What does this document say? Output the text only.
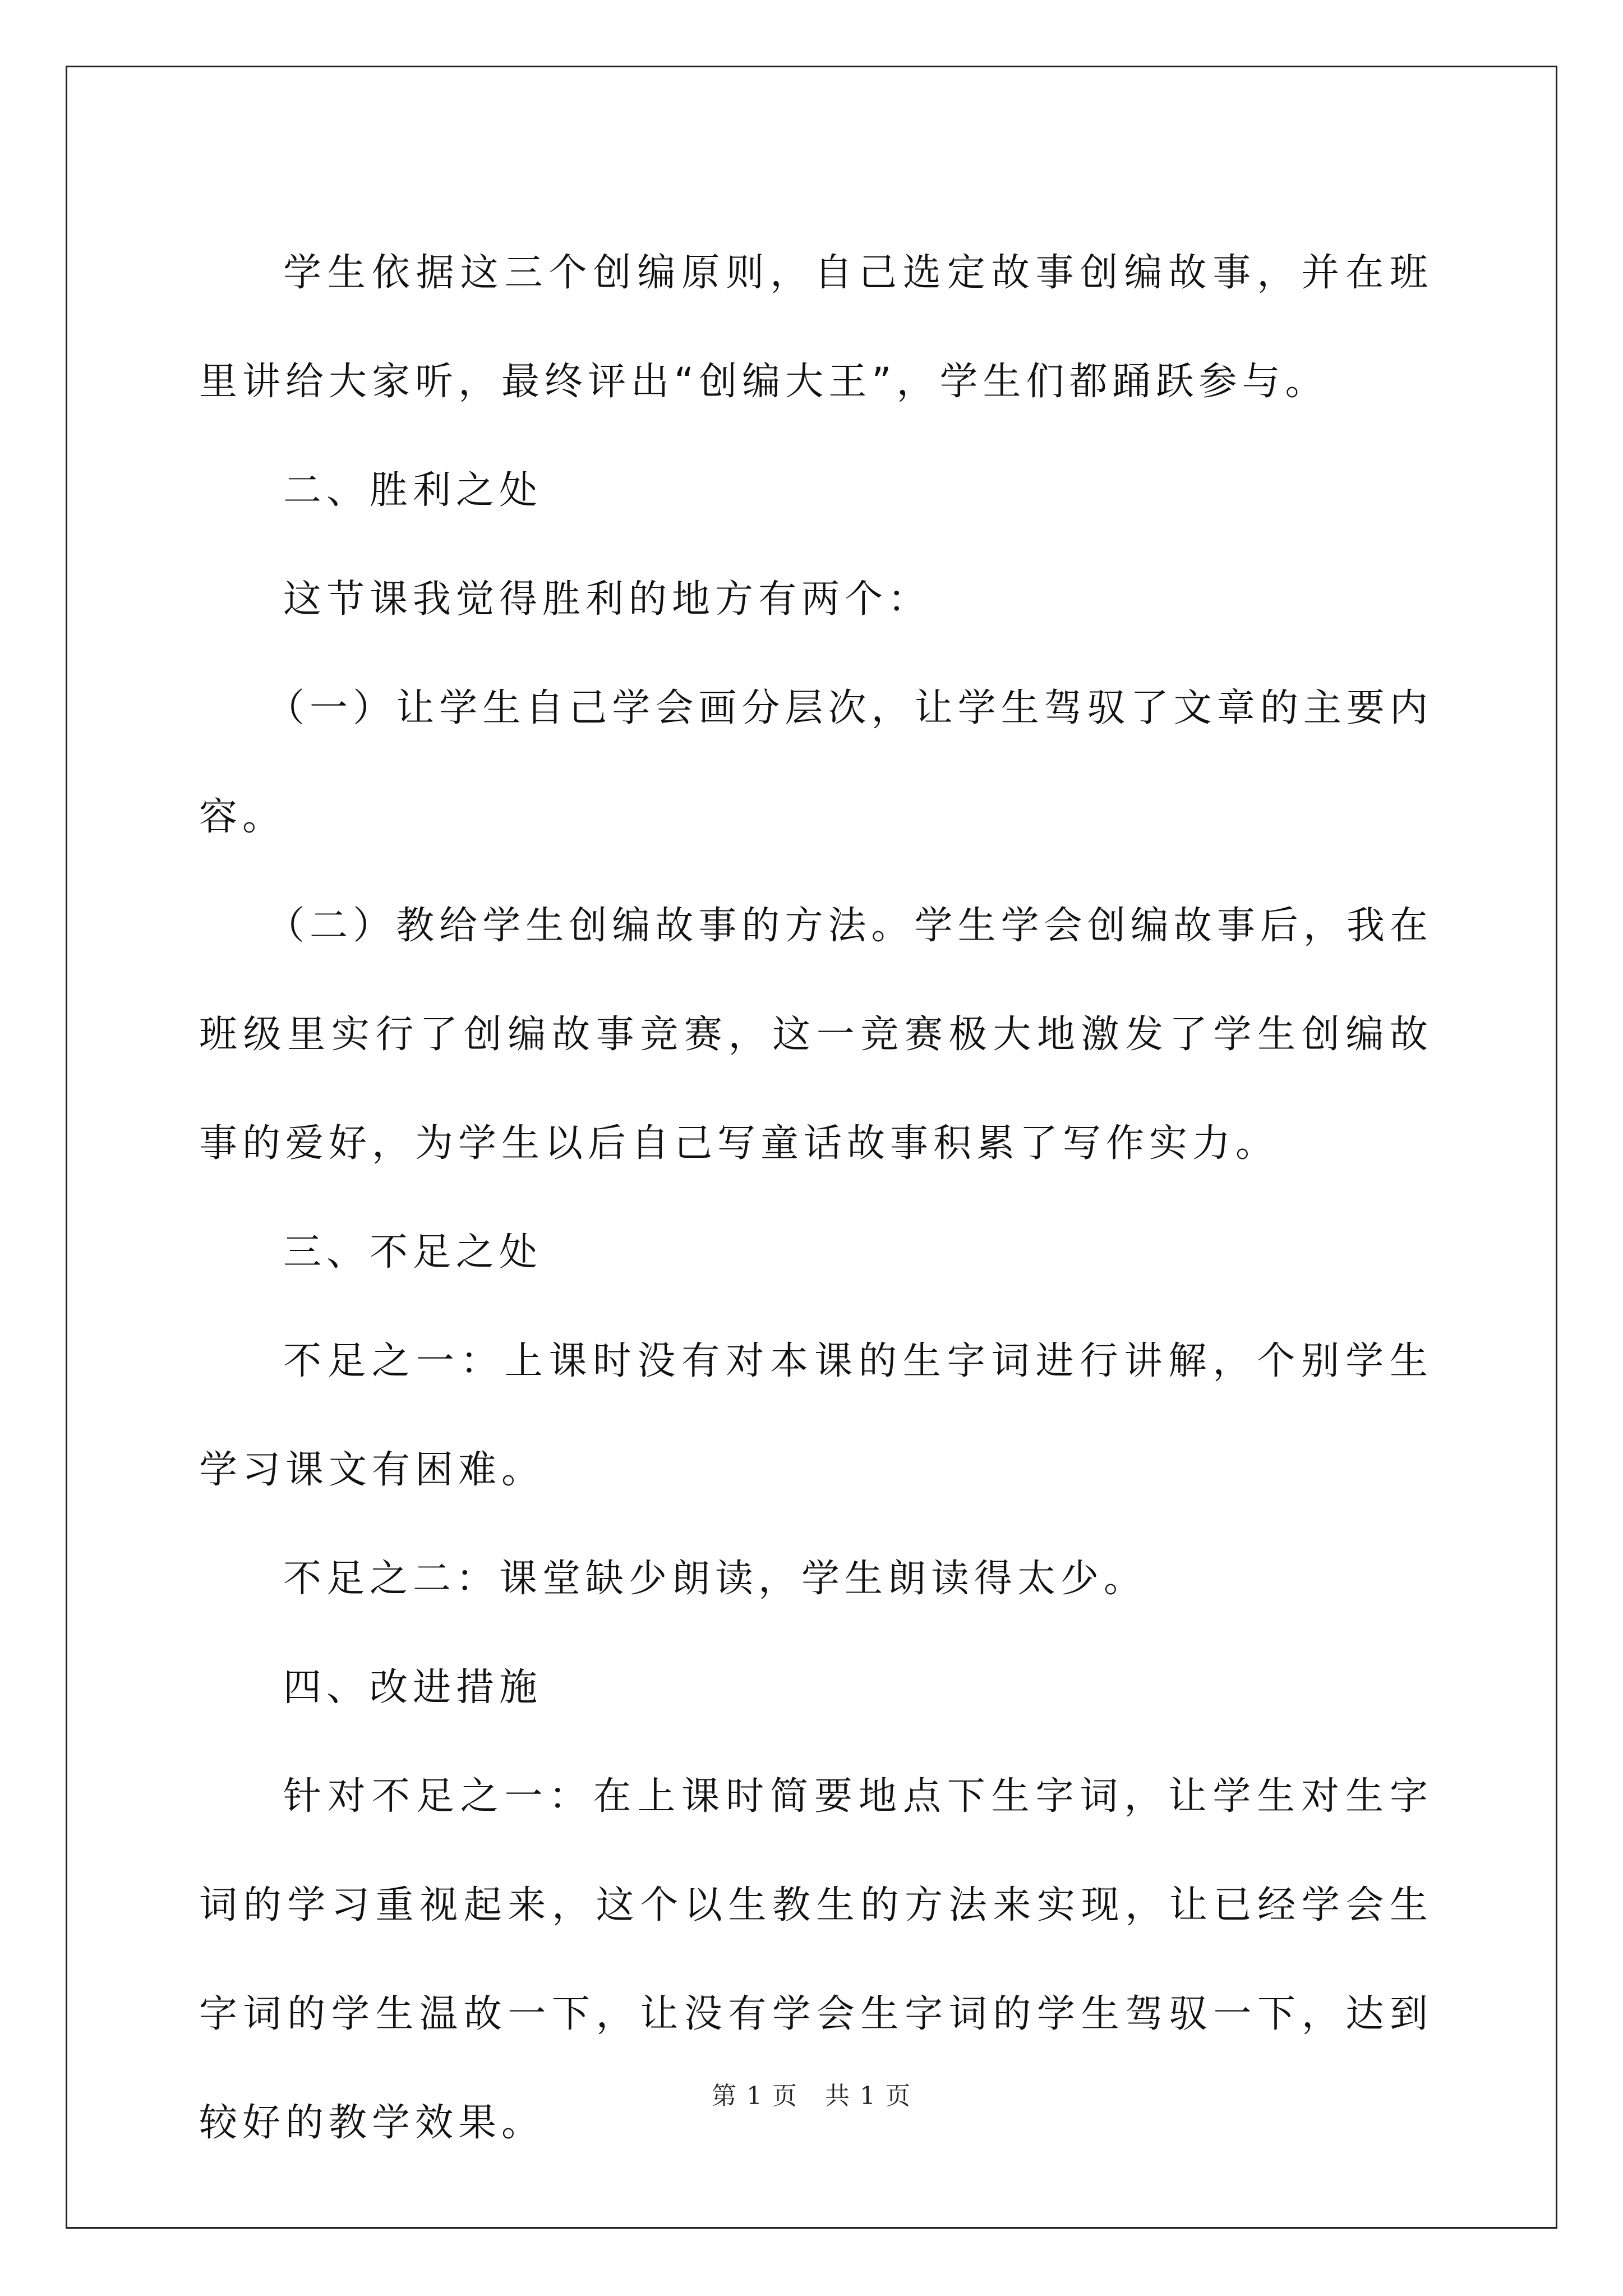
学生依据这三个创编原则，自己选定故事创编故事，并在班里讲给大家听，最终评出“创编大王”，学生们都踊跃参与。

二、胜利之处

这节课我觉得胜利的地方有两个：

（一）让学生自己学会画分层次，让学生驾驭了文章的主要内容。

（二）教给学生创编故事的方法。学生学会创编故事后，我在班级里实行了创编故事竞赛，这一竞赛极大地激发了学生创编故事的爱好，为学生以后自己写童话故事积累了写作实力。

三、不足之处

不足之一：上课时没有对本课的生字词进行讲解，个别学生学习课文有困难。

不足之二：课堂缺少朗读，学生朗读得太少。

四、改进措施

针对不足之一：在上课时简要地点下生字词，让学生对生字词的学习重视起来，这个以生教生的方法来实现，让已经学会生字词的学生温故一下，让没有学会生字词的学生驾驭一下，达到较好的教学效果。

第 1 页   共 1 页
